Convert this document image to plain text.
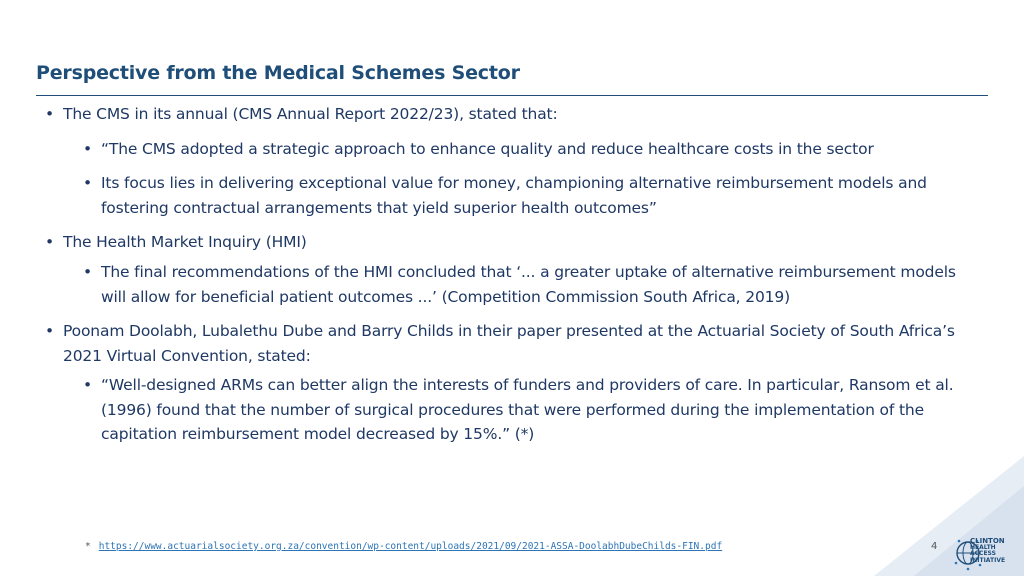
Perspective from the Medical Schemes Sector
• The CMS in its annual (CMS Annual Report 2022/23), stated that:
• “The CMS adopted a strategic approach to enhance quality and reduce healthcare costs in the sector
• Its focus lies in delivering exceptional value for money, championing alternative reimbursement models and fostering contractual arrangements that yield superior health outcomes”
• The Health Market Inquiry (HMI)
• The final recommendations of the HMI concluded that ‘... a greater uptake of alternative reimbursement models will allow for beneficial patient outcomes ...’ (Competition Commission South Africa, 2019)
• Poonam Doolabh, Lubalethu Dube and Barry Childs in their paper presented at the Actuarial Society of South Africa’s 2021 Virtual Convention, stated:
• “Well-designed ARMs can better align the interests of funders and providers of care. In particular, Ransom et al. (1996) found that the number of surgical procedures that were performed during the implementation of the capitation reimbursement model decreased by 15%.” (*)
* https://www.actuarialsociety.org.za/convention/wp-content/uploads/2021/09/2021-ASSA-DoolabhDubeChilds-FIN.pdf	4	CLINTON
HEALTH ACCESS
INITIATIVE
